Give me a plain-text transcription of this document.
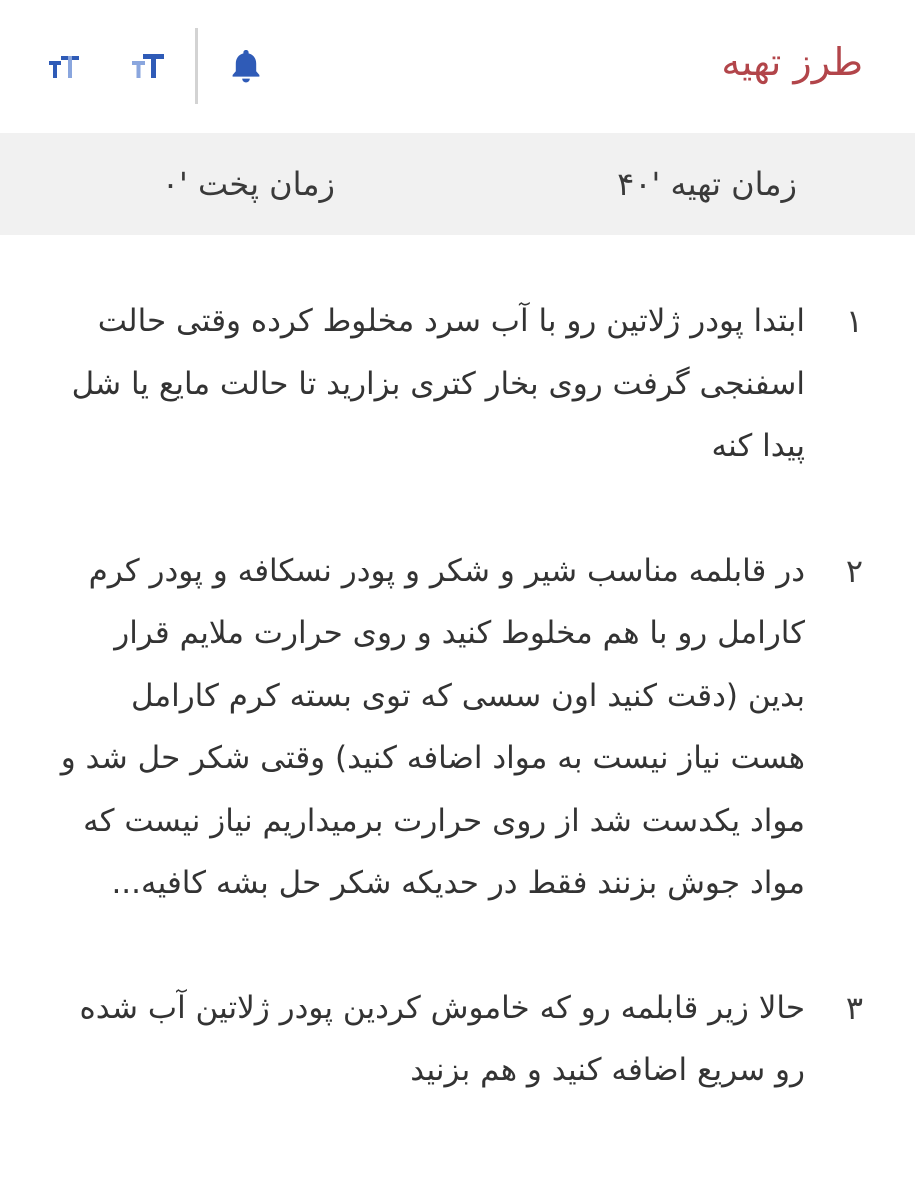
طرز تهیه
زمان تهیه '۴۰
زمان پخت '۰
۱
ابتدا پودر ژلاتین رو با آب سرد مخلوط کرده وقتی حالت اسفنجی گرفت روی بخار کتری بزارید تا حالت مایع یا شل پیدا کنه
۲
در قابلمه مناسب شیر و شکر و پودر نسکافه و پودر کرم کارامل رو با هم مخلوط کنید و روی حرارت ملایم قرار بدین (دقت کنید اون سسی که توی بسته کرم کارامل هست نیاز نیست به مواد اضافه کنید) وقتی شکر حل شد و مواد یکدست شد از روی حرارت برمیداریم نیاز نیست که مواد جوش بزنند فقط در حدیکه شکر حل بشه کافیه...
۳
حالا زیر قابلمه رو که خاموش کردین پودر ژلاتین آب شده رو سریع اضافه کنید و هم بزنید
